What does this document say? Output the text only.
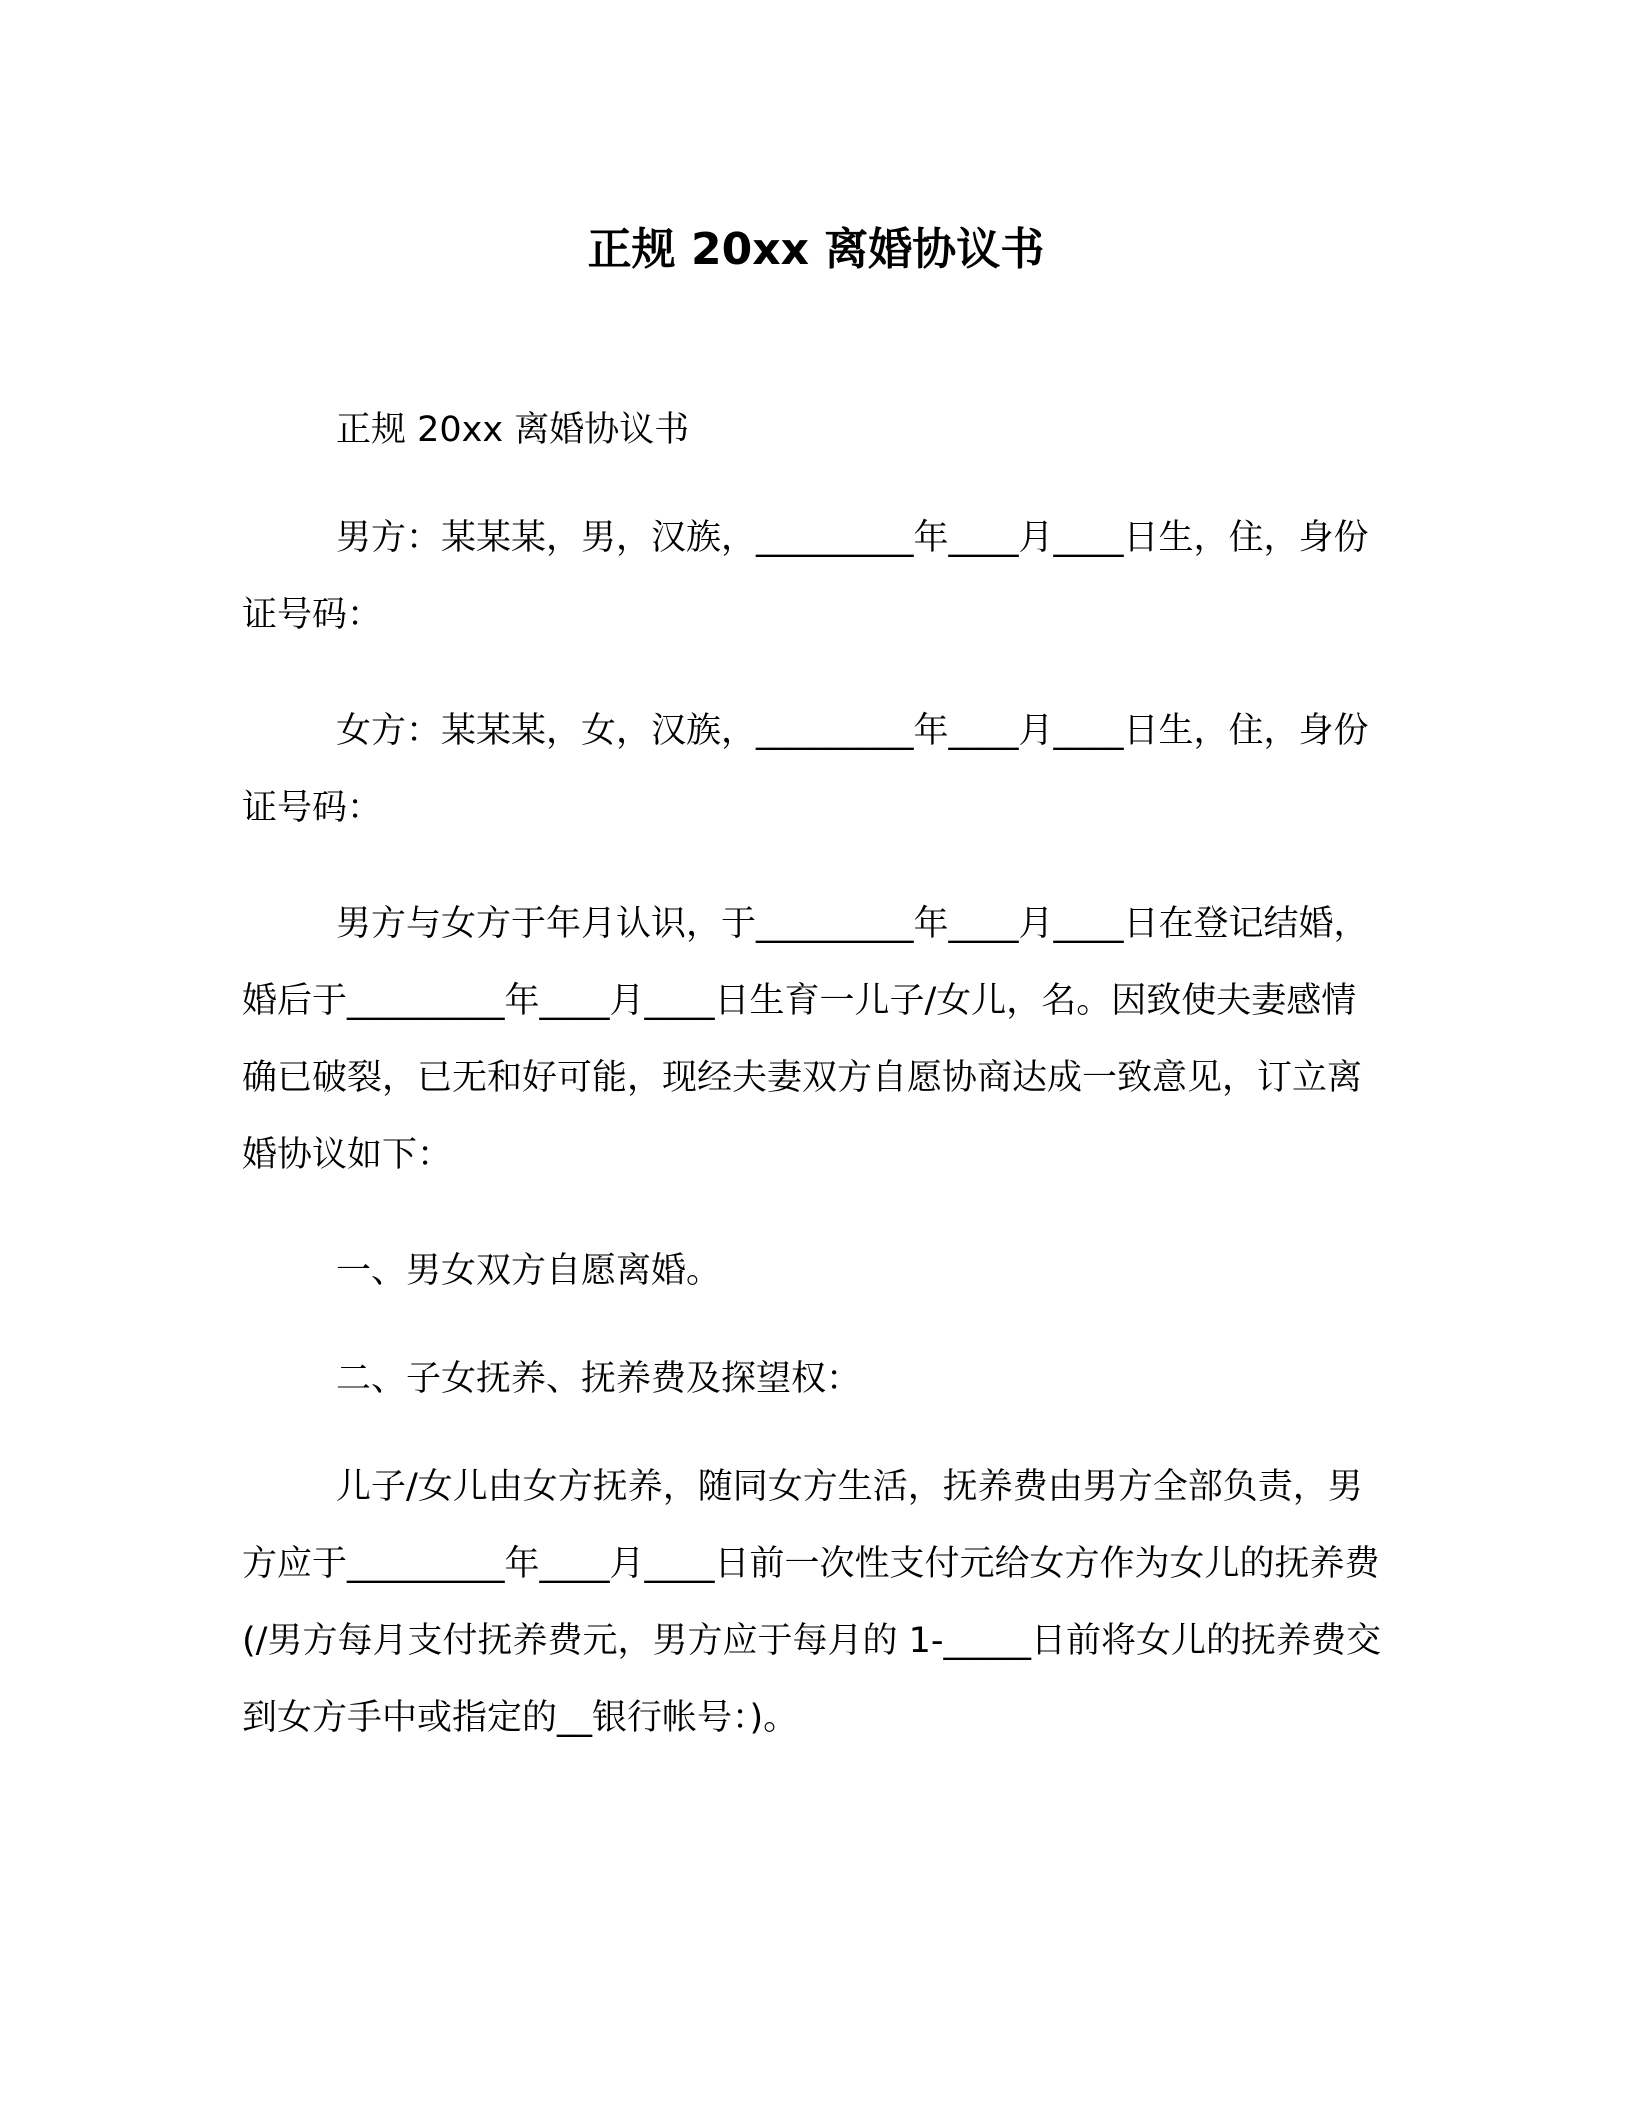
正规 20xx 离婚协议书

正规 20xx 离婚协议书

男方：某某某，男，汉族，_________年____月____日生，住，身份证号码：

女方：某某某，女，汉族，_________年____月____日生，住，身份证号码：

男方与女方于年月认识，于_________年____月____日在登记结婚，婚后于_________年____月____日生育一儿子/女儿，名。因致使夫妻感情确已破裂，已无和好可能，现经夫妻双方自愿协商达成一致意见，订立离婚协议如下：

一、男女双方自愿离婚。

二、子女抚养、抚养费及探望权：

儿子/女儿由女方抚养，随同女方生活，抚养费由男方全部负责，男方应于_________年____月____日前一次性支付元给女方作为女儿的抚养费(/男方每月支付抚养费元，男方应于每月的 1-_____日前将女儿的抚养费交到女方手中或指定的__银行帐号：)。
